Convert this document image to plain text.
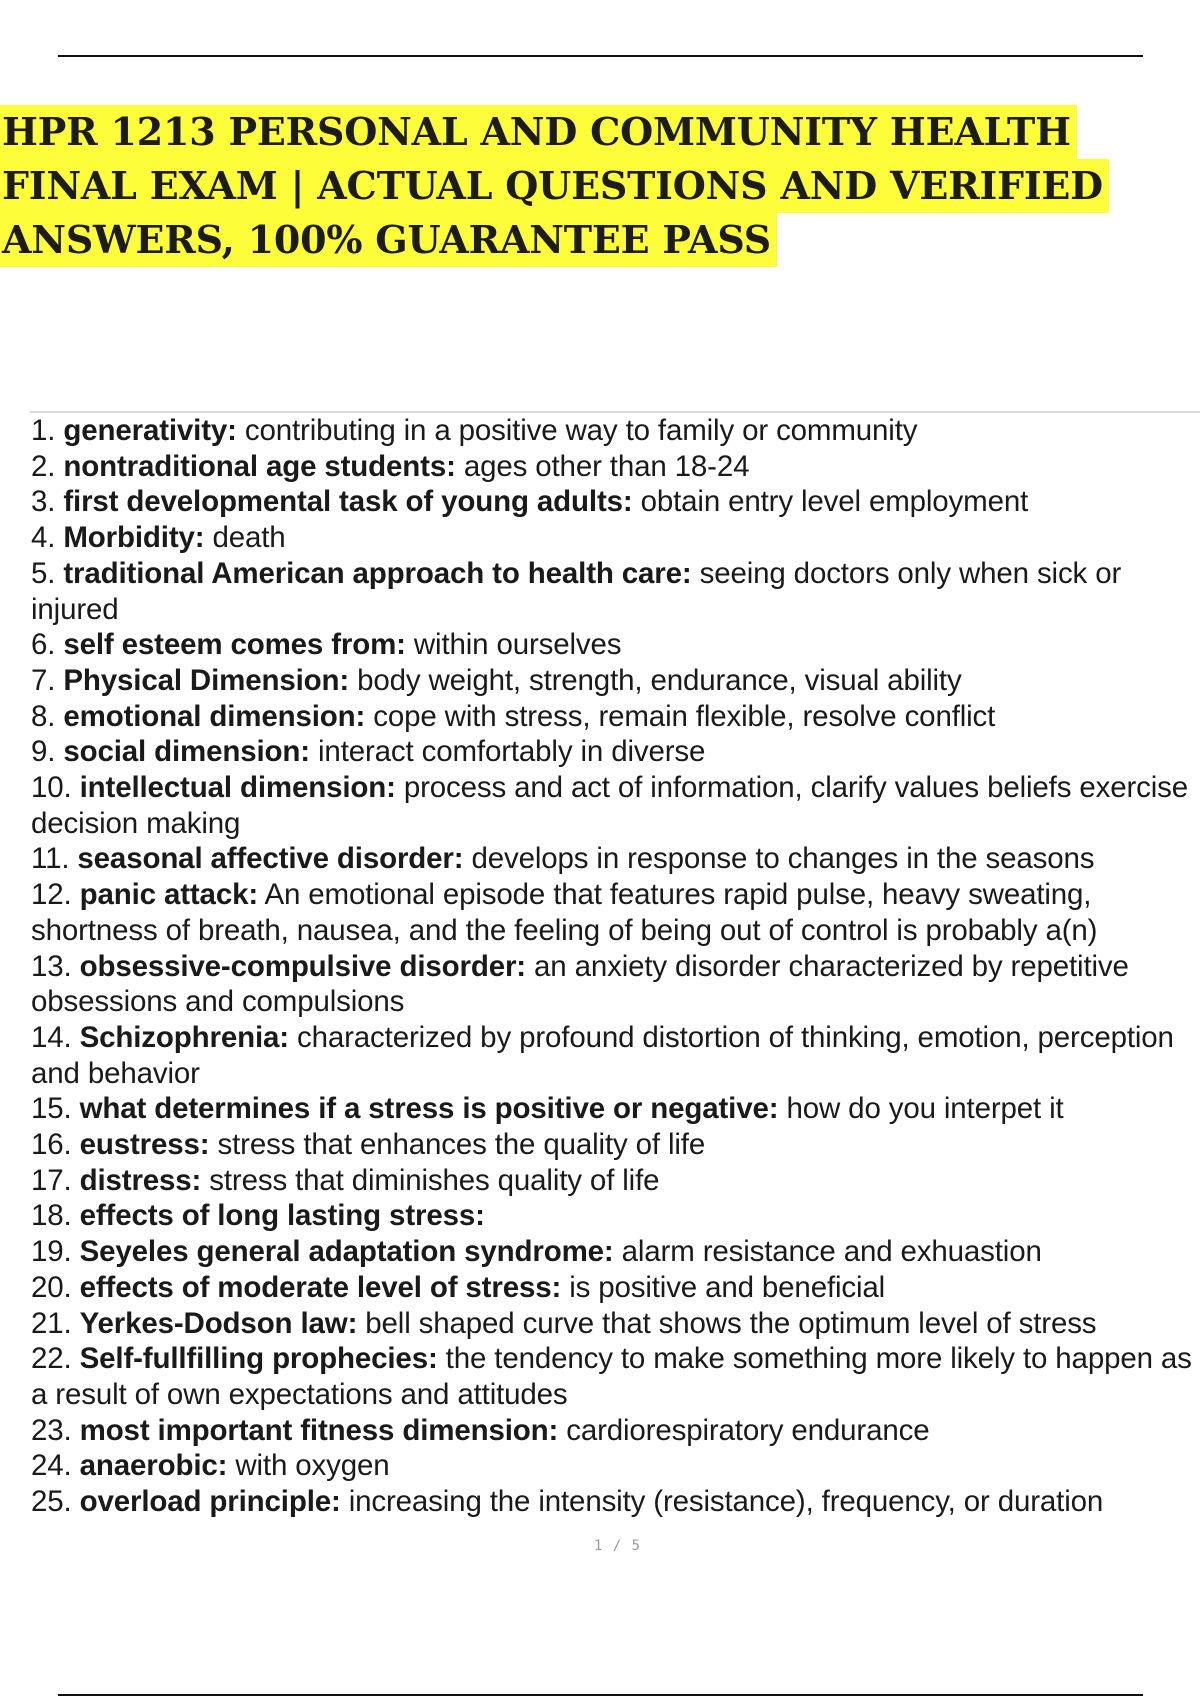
HPR 1213 PERSONAL AND COMMUNITY HEALTH
FINAL EXAM | ACTUAL QUESTIONS AND VERIFIED
ANSWERS, 100% GUARANTEE PASS
1. generativity: contributing in a positive way to family or community
2. nontraditional age students: ages other than 18-24
3. first developmental task of young adults: obtain entry level employment
4. Morbidity: death
5. traditional American approach to health care: seeing doctors only when sick or injured
6. self esteem comes from: within ourselves
7. Physical Dimension: body weight, strength, endurance, visual ability
8. emotional dimension: cope with stress, remain flexible, resolve conflict
9. social dimension: interact comfortably in diverse
10. intellectual dimension: process and act of information, clarify values beliefs exercise decision making
11. seasonal affective disorder: develops in response to changes in the seasons
12. panic attack: An emotional episode that features rapid pulse, heavy sweating, shortness of breath, nausea, and the feeling of being out of control is probably a(n)
13. obsessive-compulsive disorder: an anxiety disorder characterized by repetitive obsessions and compulsions
14. Schizophrenia: characterized by profound distortion of thinking, emotion, perception and behavior
15. what determines if a stress is positive or negative: how do you interpet it
16. eustress: stress that enhances the quality of life
17. distress: stress that diminishes quality of life
18. effects of long lasting stress:
19. Seyeles general adaptation syndrome: alarm resistance and exhuastion
20. effects of moderate level of stress: is positive and beneficial
21. Yerkes-Dodson law: bell shaped curve that shows the optimum level of stress
22. Self-fullfilling prophecies: the tendency to make something more likely to happen as a result of own expectations and attitudes
23. most important fitness dimension: cardiorespiratory endurance
24. anaerobic: with oxygen
25. overload principle: increasing the intensity (resistance), frequency, or duration
1 / 5
